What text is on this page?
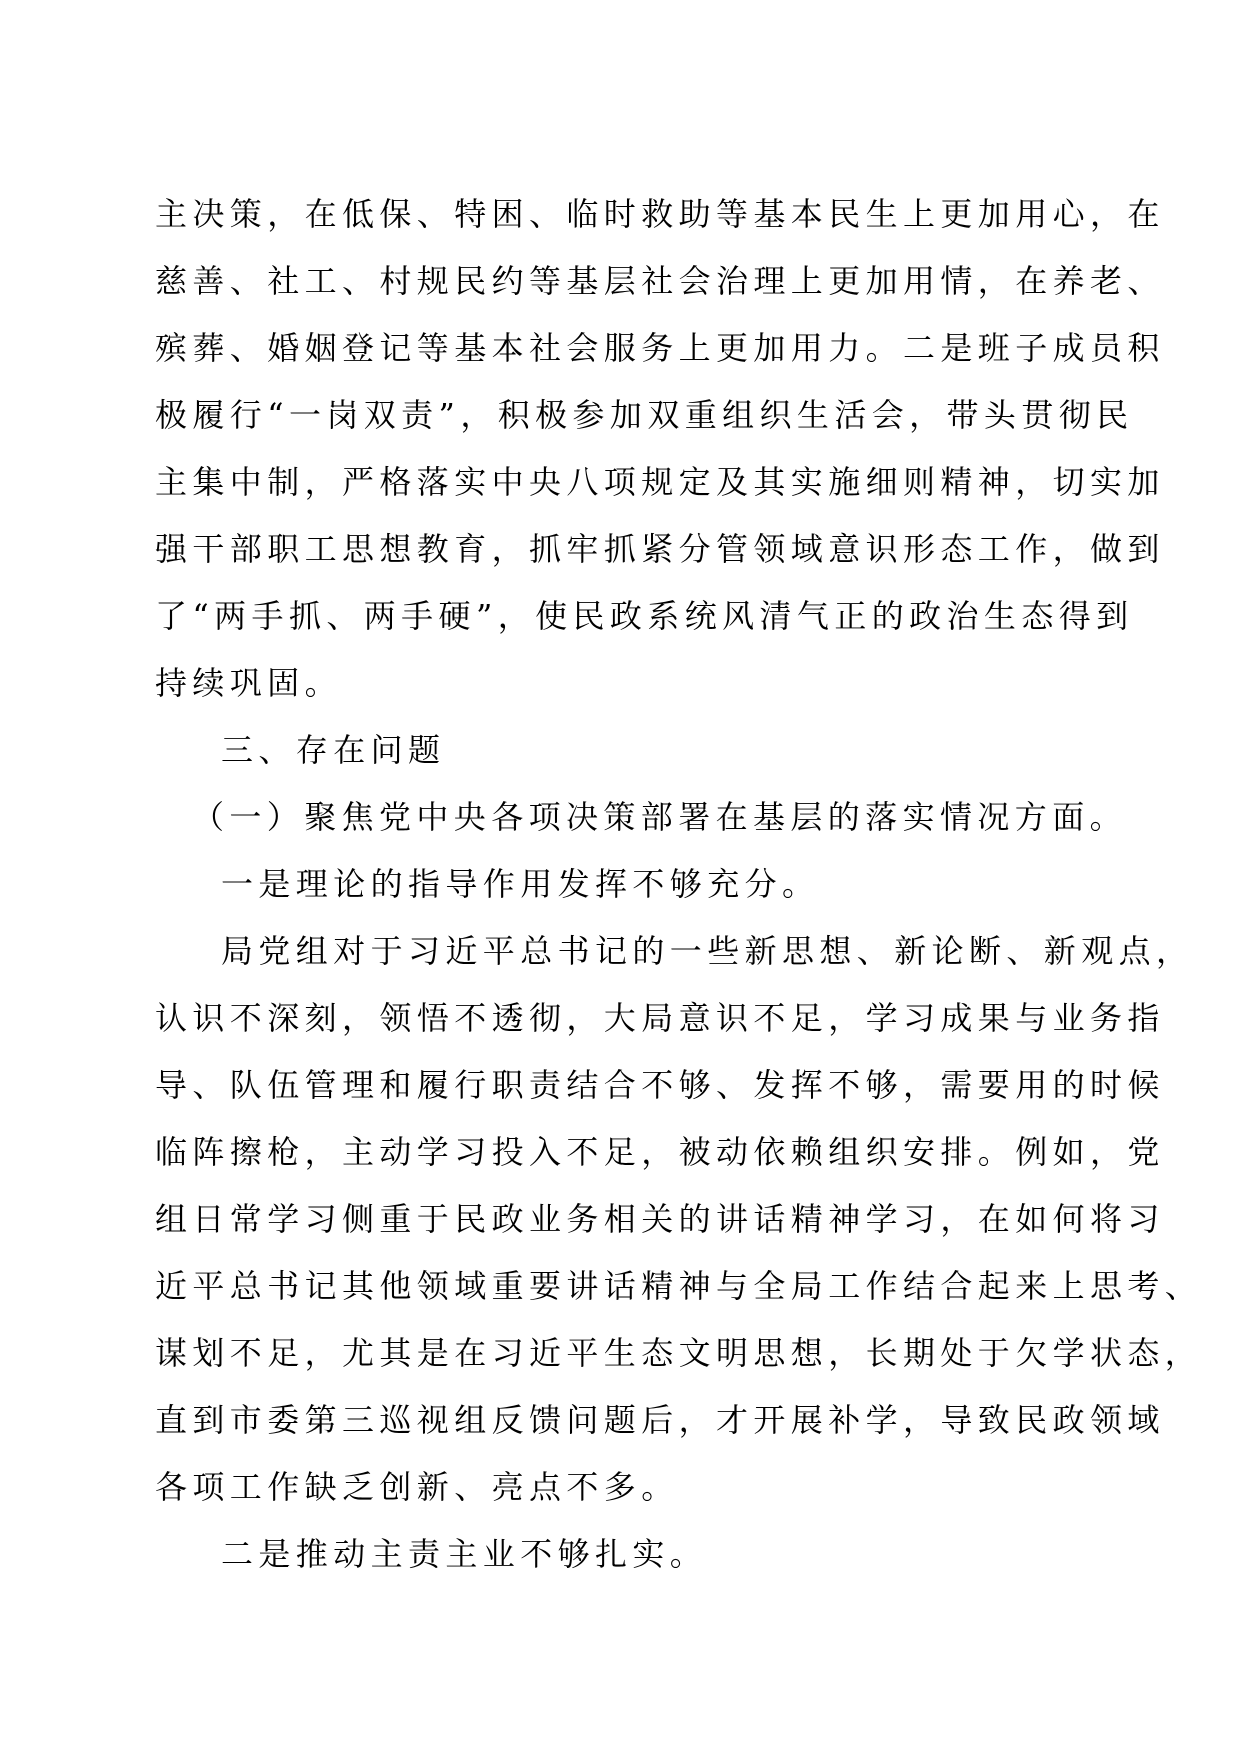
主决策，在低保、特困、临时救助等基本民生上更加用心，在
慈善、社工、村规民约等基层社会治理上更加用情，在养老、
殡葬、婚姻登记等基本社会服务上更加用力。二是班子成员积
极履行“一岗双责”，积极参加双重组织生活会，带头贯彻民
主集中制，严格落实中央八项规定及其实施细则精神，切实加
强干部职工思想教育，抓牢抓紧分管领域意识形态工作，做到
了“两手抓、两手硬”，使民政系统风清气正的政治生态得到
持续巩固。
三、存在问题
（一）聚焦党中央各项决策部署在基层的落实情况方面。
一是理论的指导作用发挥不够充分。
局党组对于习近平总书记的一些新思想、新论断、新观点，
认识不深刻，领悟不透彻，大局意识不足，学习成果与业务指
导、队伍管理和履行职责结合不够、发挥不够，需要用的时候
临阵擦枪，主动学习投入不足，被动依赖组织安排。例如，党
组日常学习侧重于民政业务相关的讲话精神学习，在如何将习
近平总书记其他领域重要讲话精神与全局工作结合起来上思考、
谋划不足，尤其是在习近平生态文明思想，长期处于欠学状态，
直到市委第三巡视组反馈问题后，才开展补学，导致民政领域
各项工作缺乏创新、亮点不多。
二是推动主责主业不够扎实。
